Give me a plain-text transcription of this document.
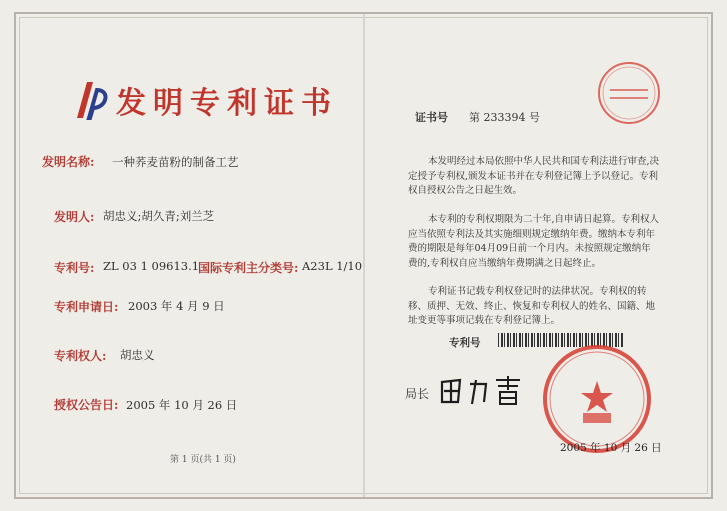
发明专利证书
发明名称: 一种荞麦苗粉的制备工艺
发明人: 胡忠义;胡久青;刘兰芝
专利号: ZL 03 1 09613.1
国际专利主分类号: A23L 1/10
专利申请日: 2003 年 4 月 9 日
专利权人: 胡忠义
授权公告日: 2005 年 10 月 26 日
第 1 页(共 1 页)
证书号 第 233394 号
本发明经过本局依照中华人民共和国专利法进行审查,决定授予专利权,颁发本证书并在专利登记簿上予以登记。专利权自授权公告之日起生效。
本专利的专利权期限为二十年,自申请日起算。专利权人应当依照专利法及其实施细则规定缴纳年费。缴纳本专利年费的期限是每年04月09日前一个月内。未按照规定缴纳年费的,专利权自应当缴纳年费期满之日起终止。
专利证书记载专利权登记时的法律状况。专利权的转移、质押、无效、终止、恢复和专利权人的姓名、国籍、地址变更等事项记载在专利登记簿上。
专利号
局长
2005 年 10 月 26 日
